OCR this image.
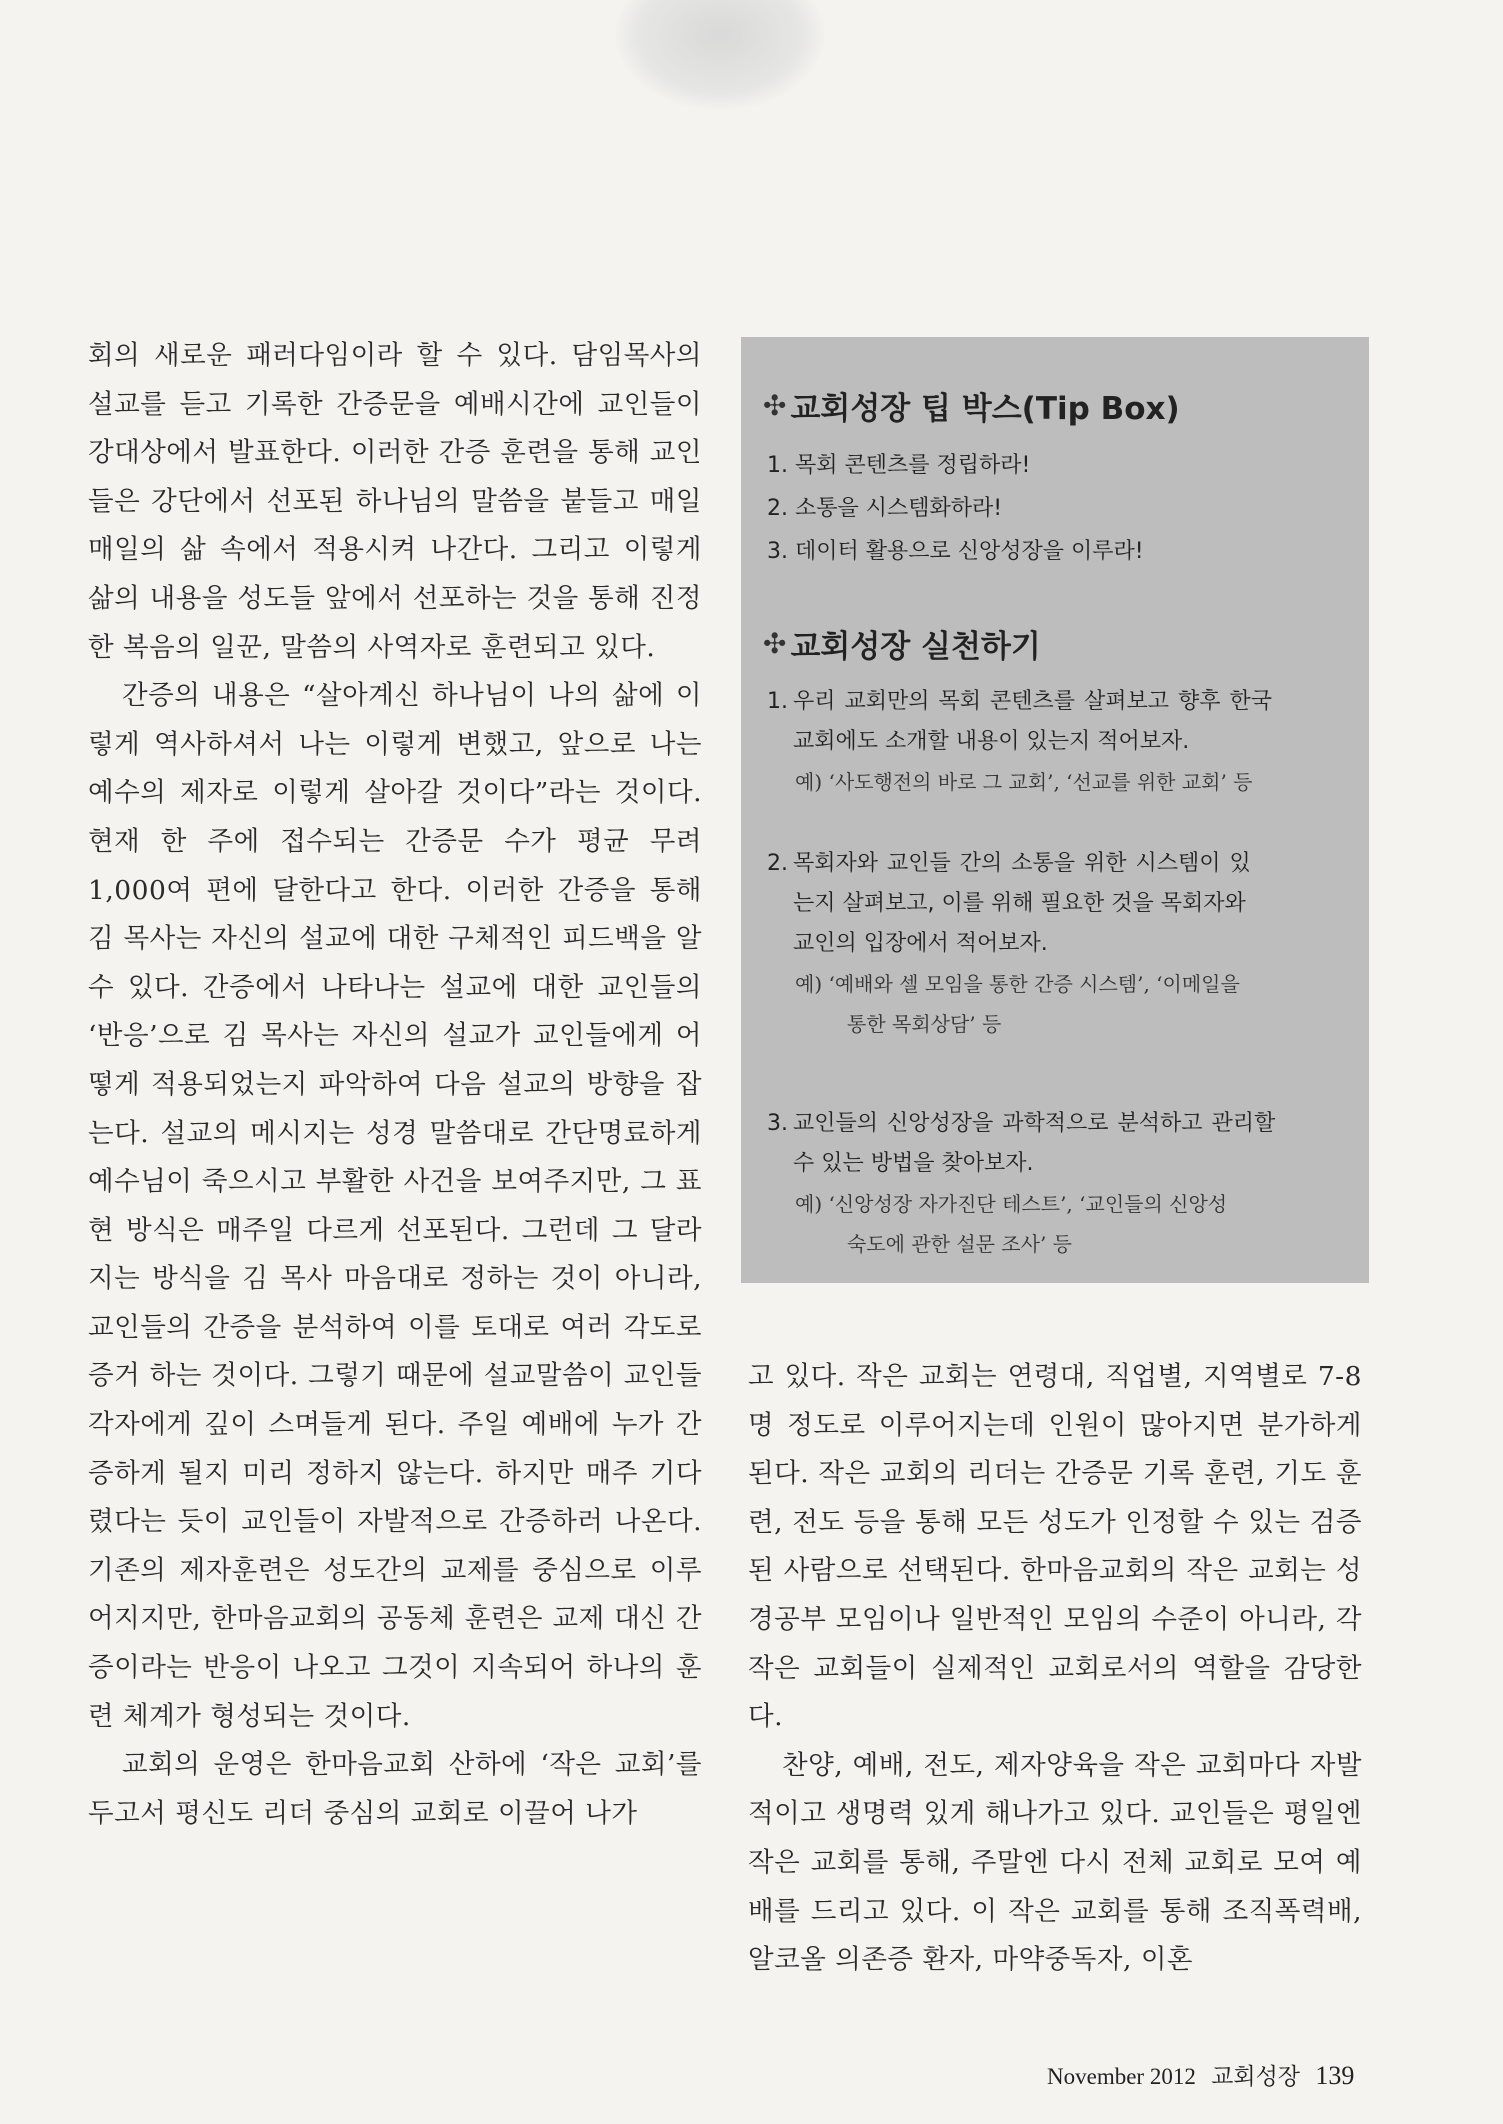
회의 새로운 패러다임이라 할 수 있다. 담임목사의 설교를 듣고 기록한 간증문을 예배시간에 교인들이 강대상에서 발표한다. 이러한 간증 훈련을 통해 교인들은 강단에서 선포된 하나님의 말씀을 붙들고 매일 매일의 삶 속에서 적용시켜 나간다. 그리고 이렇게 삶의 내용을 성도들 앞에서 선포하는 것을 통해 진정한 복음의 일꾼, 말씀의 사역자로 훈련되고 있다.

간증의 내용은 “살아계신 하나님이 나의 삶에 이렇게 역사하셔서 나는 이렇게 변했고, 앞으로 나는 예수의 제자로 이렇게 살아갈 것이다”라는 것이다. 현재 한 주에 접수되는 간증문 수가 평균 무려 1,000여 편에 달한다고 한다. 이러한 간증을 통해 김 목사는 자신의 설교에 대한 구체적인 피드백을 알 수 있다. 간증에서 나타나는 설교에 대한 교인들의 ‘반응’으로 김 목사는 자신의 설교가 교인들에게 어떻게 적용되었는지 파악하여 다음 설교의 방향을 잡는다. 설교의 메시지는 성경 말씀대로 간단명료하게 예수님이 죽으시고 부활한 사건을 보여주지만, 그 표현 방식은 매주일 다르게 선포된다. 그런데 그 달라지는 방식을 김 목사 마음대로 정하는 것이 아니라, 교인들의 간증을 분석하여 이를 토대로 여러 각도로 증거 하는 것이다. 그렇기 때문에 설교말씀이 교인들 각자에게 깊이 스며들게 된다. 주일 예배에 누가 간증하게 될지 미리 정하지 않는다. 하지만 매주 기다렸다는 듯이 교인들이 자발적으로 간증하러 나온다. 기존의 제자훈련은 성도간의 교제를 중심으로 이루어지지만, 한마음교회의 공동체 훈련은 교제 대신 간증이라는 반응이 나오고 그것이 지속되어 하나의 훈련 체계가 형성되는 것이다.

교회의 운영은 한마음교회 산하에 ‘작은 교회’를 두고서 평신도 리더 중심의 교회로 이끌어 나가

✣ 교회성장 팁 박스(Tip Box)
1. 목회 콘텐츠를 정립하라!
2. 소통을 시스템화하라!
3. 데이터 활용으로 신앙성장을 이루라!
✣ 교회성장 실천하기
1. 우리 교회만의 목회 콘텐츠를 살펴보고 향후 한국
교회에도 소개할 내용이 있는지 적어보자.
예) ‘사도행전의 바로 그 교회’, ‘선교를 위한 교회’ 등
2. 목회자와 교인들 간의 소통을 위한 시스템이 있
는지 살펴보고, 이를 위해 필요한 것을 목회자와
교인의 입장에서 적어보자.
예) ‘예배와 셀 모임을 통한 간증 시스템’, ‘이메일을
통한 목회상담’ 등
3. 교인들의 신앙성장을 과학적으로 분석하고 관리할
수 있는 방법을 찾아보자.
예) ‘신앙성장 자가진단 테스트’, ‘교인들의 신앙성
숙도에 관한 설문 조사’ 등

고 있다. 작은 교회는 연령대, 직업별, 지역별로 7-8명 정도로 이루어지는데 인원이 많아지면 분가하게 된다. 작은 교회의 리더는 간증문 기록 훈련, 기도 훈련, 전도 등을 통해 모든 성도가 인정할 수 있는 검증된 사람으로 선택된다. 한마음교회의 작은 교회는 성경공부 모임이나 일반적인 모임의 수준이 아니라, 각 작은 교회들이 실제적인 교회로서의 역할을 감당한다.

찬양, 예배, 전도, 제자양육을 작은 교회마다 자발적이고 생명력 있게 해나가고 있다. 교인들은 평일엔 작은 교회를 통해, 주말엔 다시 전체 교회로 모여 예배를 드리고 있다. 이 작은 교회를 통해 조직폭력배, 알코올 의존증 환자, 마약중독자, 이혼

November 2012 교회성장 139
